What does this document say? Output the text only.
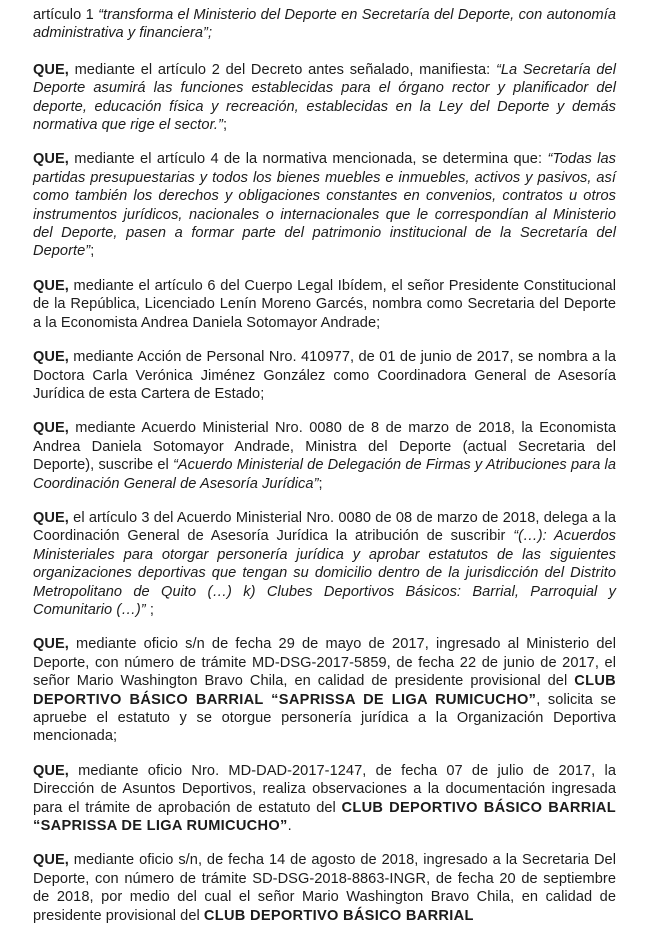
artículo 1 “transforma el Ministerio del Deporte en Secretaría del Deporte, con autonomía administrativa y financiera”;

QUE, mediante el artículo 2 del Decreto antes señalado, manifiesta: “La Secretaría del Deporte asumirá las funciones establecidas para el órgano rector y planificador del deporte, educación física y recreación, establecidas en la Ley del Deporte y demás normativa que rige el sector.”;

QUE, mediante el artículo 4 de la normativa mencionada, se determina que: “Todas las partidas presupuestarias y todos los bienes muebles e inmuebles, activos y pasivos, así como también los derechos y obligaciones constantes en convenios, contratos u otros instrumentos jurídicos, nacionales o internacionales que le correspondían al Ministerio del Deporte, pasen a formar parte del patrimonio institucional de la Secretaría del Deporte”;

QUE, mediante el artículo 6 del Cuerpo Legal Ibídem, el señor Presidente Constitucional de la República, Licenciado Lenín Moreno Garcés, nombra como Secretaria del Deporte a la Economista Andrea Daniela Sotomayor Andrade;

QUE, mediante Acción de Personal Nro. 410977, de 01 de junio de 2017, se nombra a la Doctora Carla Verónica Jiménez González como Coordinadora General de Asesoría Jurídica de esta Cartera de Estado;

QUE, mediante Acuerdo Ministerial Nro. 0080 de 8 de marzo de 2018, la Economista Andrea Daniela Sotomayor Andrade, Ministra del Deporte (actual Secretaria del Deporte), suscribe el “Acuerdo Ministerial de Delegación de Firmas y Atribuciones para la Coordinación General de Asesoría Jurídica”;

QUE, el artículo 3 del Acuerdo Ministerial Nro. 0080 de 08 de marzo de 2018, delega a la Coordinación General de Asesoría Jurídica la atribución de suscribir “(…): Acuerdos Ministeriales para otorgar personería jurídica y aprobar estatutos de las siguientes organizaciones deportivas que tengan su domicilio dentro de la jurisdicción del Distrito Metropolitano de Quito (…) k) Clubes Deportivos Básicos: Barrial, Parroquial y Comunitario (…)” ;

QUE, mediante oficio s/n de fecha 29 de mayo de 2017, ingresado al Ministerio del Deporte, con número de trámite MD-DSG-2017-5859, de fecha 22 de junio de 2017, el señor Mario Washington Bravo Chila, en calidad de presidente provisional del CLUB DEPORTIVO BÁSICO BARRIAL “SAPRISSA DE LIGA RUMICUCHO”, solicita se apruebe el estatuto y se otorgue personería jurídica a la Organización Deportiva mencionada;

QUE, mediante oficio Nro. MD-DAD-2017-1247, de fecha 07 de julio de 2017, la Dirección de Asuntos Deportivos, realiza observaciones a la documentación ingresada para el trámite de aprobación de estatuto del CLUB DEPORTIVO BÁSICO BARRIAL “SAPRISSA DE LIGA RUMICUCHO”.

QUE, mediante oficio s/n, de fecha 14 de agosto de 2018, ingresado a la Secretaria Del Deporte, con número de trámite SD-DSG-2018-8863-INGR, de fecha 20 de septiembre de 2018, por medio del cual el señor Mario Washington Bravo Chila, en calidad de presidente provisional del CLUB DEPORTIVO BÁSICO BARRIAL
